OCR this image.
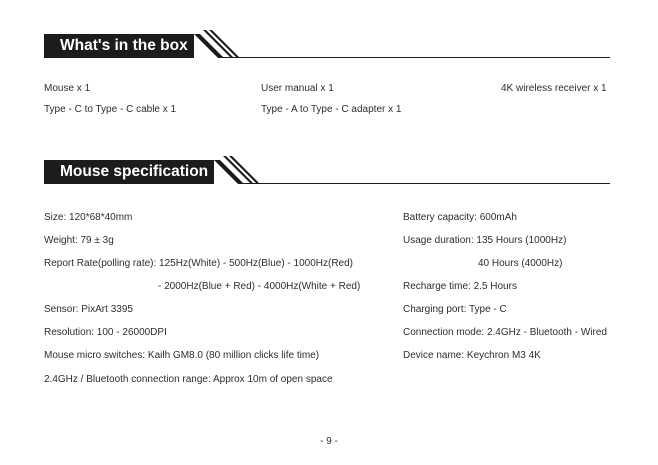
What's in the box
Mouse x 1	User manual x 1	4K wireless receiver x 1
Type - C to Type - C cable x 1	Type - A to Type - C adapter x 1
Mouse specification
Size: 120*68*40mm
Weight: 79 ± 3g
Report Rate(polling rate): 125Hz(White) - 500Hz(Blue) - 1000Hz(Red)
- 2000Hz(Blue + Red) - 4000Hz(White + Red)
Sensor: PixArt 3395
Resolution: 100 - 26000DPI
Mouse micro switches: Kailh GM8.0 (80 million clicks life time)
2.4GHz / Bluetooth connection range: Approx 10m of open space
Battery capacity: 600mAh
Usage duration: 135 Hours (1000Hz)
40 Hours (4000Hz)
Recharge time: 2.5 Hours
Charging port: Type - C
Connection mode: 2.4GHz - Bluetooth - Wired
Device name: Keychron M3 4K
- 9 -
